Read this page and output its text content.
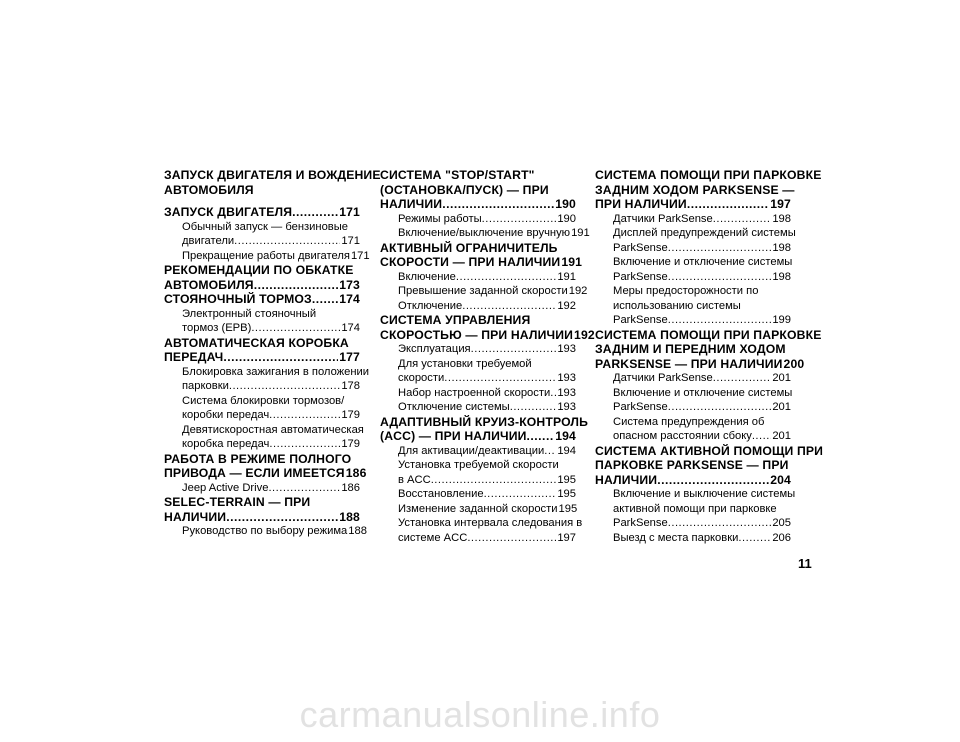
ЗАПУСК ДВИГАТЕЛЯ И ВОЖДЕНИЕ
АВТОМОБИЛЯ
ЗАПУСК ДВИГАТЕЛЯ .....	171
Обычный запуск — бензиновые
двигатели .....	171
Прекращение работы двигателя 171
РЕКОМЕНДАЦИИ ПО ОБКАТКЕ
АВТОМОБИЛЯ .....	173
СТОЯНОЧНЫЙ ТОРМОЗ ..... 174
Электронный стояночный
тормоз (EPB) .....	174
АВТОМАТИЧЕСКАЯ КОРОБКА
ПЕРЕДАЧ .....	177
Блокировка зажигания в положении
парковки .....	178
Система блокировки тормозов/
коробки передач .....	179
Девятискоростная автоматическая
коробка передач .....	179
РАБОТА В РЕЖИМЕ ПОЛНОГО
ПРИВОДА — ЕСЛИ ИМЕЕТСЯ 186
Jeep Active Drive .....	186
SELEC-TERRAIN — ПРИ
НАЛИЧИИ .....	188
Руководство по выбору режима 188
СИСТЕМА "STOP/START"
(ОСТАНОВКА/ПУСК) — ПРИ
НАЛИЧИИ .....	190
Режимы работы .....	190
Включение/выключение вручную 191
АКТИВНЫЙ ОГРАНИЧИТЕЛЬ
СКОРОСТИ — ПРИ НАЛИЧИИ 191
Включение .....	191
Превышение заданной скорости 192
Отключение .....	192
СИСТЕМА УПРАВЛЕНИЯ
СКОРОСТЬЮ — ПРИ НАЛИЧИИ 192
Эксплуатация .....	193
Для установки требуемой
скорости .....	193
Набор настроенной скорости ..... 193
Отключение системы .....	193
АДАПТИВНЫЙ КРУИЗ-КОНТРОЛЬ
(ACC) — ПРИ НАЛИЧИИ ..... 194
Для активации/деактивации ..... 194
Установка требуемой скорости
в ACC .....	195
Восстановление .....	195
Изменение заданной скорости 195
Установка интервала следования в
системе ACC .....	197
СИСТЕМА ПОМОЩИ ПРИ ПАРКОВКЕ
ЗАДНИМ ХОДОМ PARKSENSE —
ПРИ НАЛИЧИИ .....	197
Датчики ParkSense .....	198
Дисплей предупреждений системы
ParkSense .....	198
Включение и отключение системы
ParkSense .....	198
Меры предосторожности по
использованию системы
ParkSense .....	199
СИСТЕМА ПОМОЩИ ПРИ ПАРКОВКЕ
ЗАДНИМ И ПЕРЕДНИМ ХОДОМ
PARKSENSE — ПРИ НАЛИЧИИ 200
Датчики ParkSense .....	201
Включение и отключение системы
ParkSense .....	201
Система предупреждения об
опасном расстоянии сбоку ..... 201
СИСТЕМА АКТИВНОЙ ПОМОЩИ ПРИ
ПАРКОВКЕ PARKSENSE — ПРИ
НАЛИЧИИ .....	204
Включение и выключение системы
активной помощи при парковке
ParkSense .....	205
Выезд с места парковки .....	206
11
carmanualsonline.info
